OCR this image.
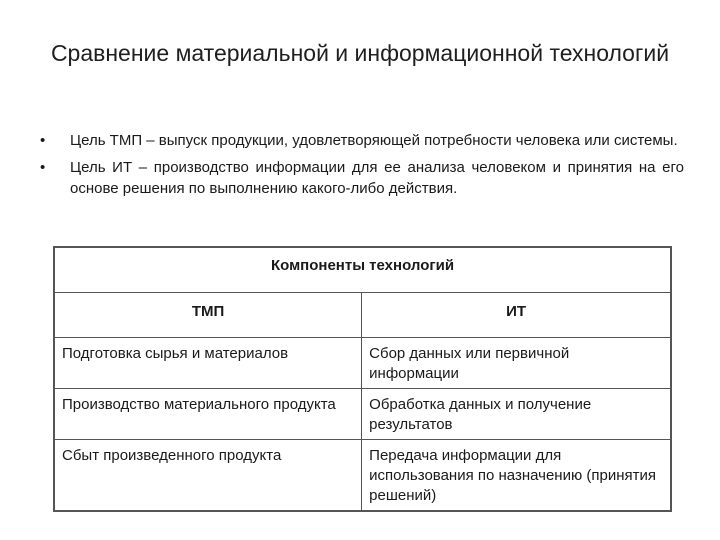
Сравнение материальной и информационной технологий
• Цель ТМП – выпуск продукции, удовлетворяющей потребности человека или системы.
• Цель ИТ – производство информации для ее анализа человеком и принятия на его основе решения по выполнению какого-либо действия.
Компоненты технологий	
ТМП	ИТ
Подготовка сырья и материалов	Сбор данных или первичной информации
Производство материального продукта	Обработка данных и получение результатов
Сбыт произведенного продукта	Передача информации для использования по назначению (принятия решений)
